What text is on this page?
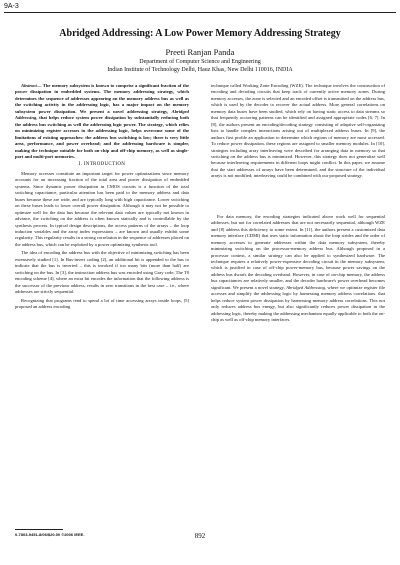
9A-3
Abridged Addressing: A Low Power Memory Addressing Strategy
Preeti Ranjan Panda
Department of Computer Science and Engineering
Indian Institute of Technology Delhi, Hauz Khas, New Delhi 110016, INDIA

Abstract— The memory subsystem is known to comprise a significant fraction of the power dissipation in embedded systems. The memory addressing strategy, which determines the sequence of addresses appearing on the memory address bus as well as the switching activity in the addressing logic, has a major impact on the memory subsystem power dissipation. We present a novel addressing strategy, Abridged Addressing, that helps reduce system power dissipation by substantially reducing both the address bus switching as well the addressing logic power. The strategy, which relies on minimizing register accesses in the addressing logic, helps overcome some of the limitations of existing approaches: the address bus switching is low; there is very little area, performance, and power overhead; and the addressing hardware is simpler, making the technique suitable for both on-chip and off-chip memory, as well as single-port and multi-port memories.

I. INTRODUCTION

Memory accesses constitute an important target for power optimizations since memory accounts for an increasing fraction of the total area and power dissipation of embedded systems. Since dynamic power dissipation in CMOS circuits is a function of the total switching capacitance, particular attention has been paid to the memory address and data buses because these are wide, and are typically long with high capacitance. Lower switching on these buses leads to lower overall power dissipation. Although it may not be possible to optimize well for the data bus because the relevant data values are typically not known in advance, the switching on the address is often known statically and is controllable by the synthesis process. In typical design descriptions, the access patterns of the arrays – the loop induction variables and the array index expressions – are known and usually exhibit some regularity. This regularity results in a strong correlation in the sequence of addresses placed on the address bus, which can be exploited by a power optimizing synthesis tool.

The idea of encoding the address bus with the objective of minimizing switching has been extensively studied [1]. In Bus-invert coding [2], an additional bit is appended to the bus to indicate that the bus is inverted – this is invoked if too many bits (more than half) are switching on the bus. In [3], the instruction address bus was encoded using Gray code. The T0 encoding scheme [4], where an extra bit encodes the information that the following address is the successor of the previous address, results in zero transitions in the best case – i.e., where addresses are strictly sequential.

Recognizing that programs tend to spend a lot of time accessing arrays inside loops, [5] proposed an address encoding

technique called Working Zone Encoding (WZE). The technique involves the construction of encoding and decoding circuits that keep track of currently active memory zones. During memory accesses, the zone is selected and an encoded offset is transmitted on the address bus, which is used by the decoder to recover the actual address. More general correlations on memory data buses have been studied, which rely on having static access to data streams so that frequently occurring patterns can be identified and assigned appropriate codes [6, 7]. In [8], the authors present an encoding/decoding strategy consisting of adaptive self-organizing lists to handle complex interactions arising out of multiplexed address buses. In [9], the authors first profile an application to determine which regions of memory are most accessed. To reduce power dissipation, these regions are assigned to smaller memory modules. In [10], strategies including array interleaving were described for arranging data in memory so that switching on the address bus is minimized. However, this strategy does not generalize well because interleaving requirements in different loops might conflict. In this paper, we assume that the start addresses of arrays have been determined, and the structure of the individual arrays is not modified; interleaving could be combined with our proposed strategy.

For data memory, the encoding strategies indicated above work well for sequential addresses, but not for correlated addresses that are not necessarily sequential, although WZE and [8] address this deficiency to some extent. In [11], the authors present a customized data memory interface (CDMI) that uses static information about the loop strides and the order of memory accesses to generate addresses within the data memory subsystem, thereby minimizing switching on the processor-memory address bus. Although proposed in a processor context, a similar strategy can also be applied to synthesized hardware. The technique requires a relatively power-expensive decoding circuit in the memory subsystem, which is justified in case of off-chip power-memory bus, because power savings on the address bus dwarfs the decoding overhead. However, in case of on-chip memory, the address bus capacitances are relatively smaller, and the decoder hardware's power overhead becomes significant. We present a novel strategy, Abridged Addressing, where we optimize register file accesses and simplify the addressing logic by harnessing memory address correlations. that helps reduce system power dissipation by harnessing memory address correlations. This not only reduces address bus energy, but also significantly reduces power dissipation in the addressing logic, thereby making the addressing mechanism equally applicable to both the on-chip as well as off-chip memory interfaces.

0-7803-9451-8/06/$20.00 ©2006 IEEE.	892
